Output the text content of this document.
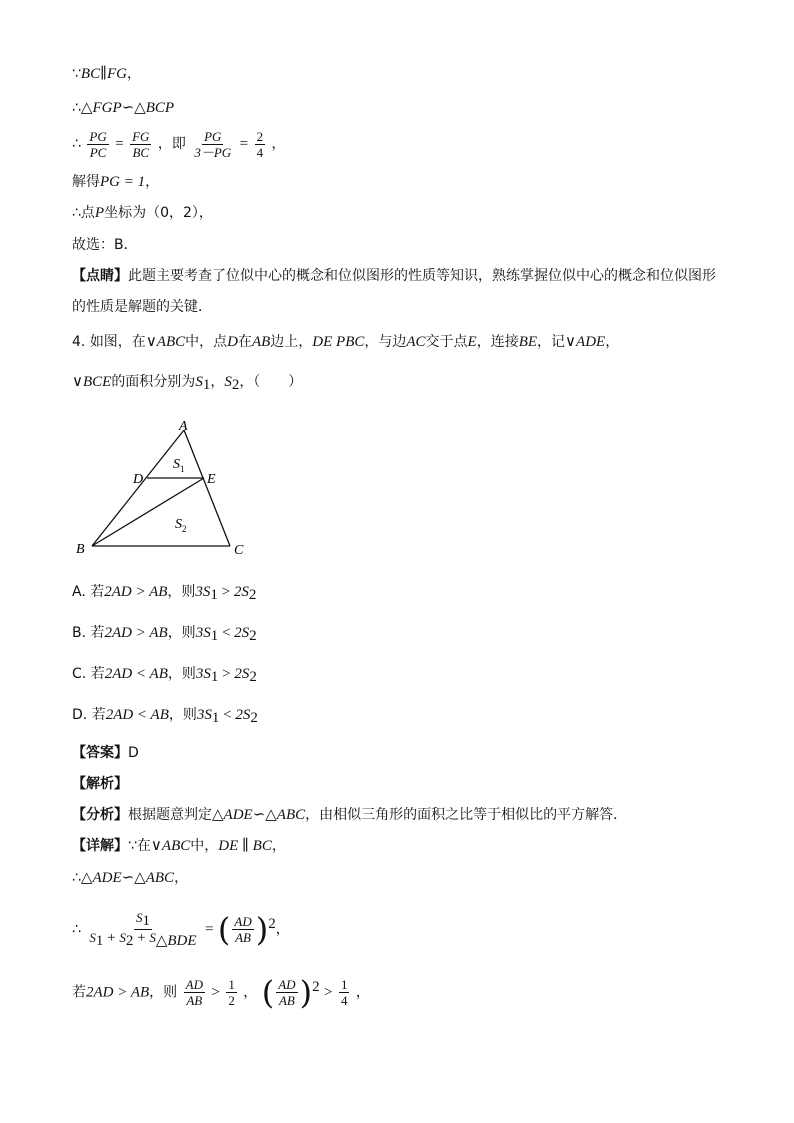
∵BC∥FG，
∴△FGP∽△BCP
∴ $\frac{PG}{PC} = \frac{FG}{BC}$ ，即 $\frac{PG}{3-PG} = \frac{2}{4}$ ，
解得PG = 1，
∴点P坐标为（0，2），
故选：B．
【点睛】此题主要考查了位似中心的概念和位似图形的性质等知识，熟练掌握位似中心的概念和位似图形
的性质是解题的关键．
4. 如图，在∨ABC中，点D在AB边上，DE PBC，与边AC交于点E，连接BE，记∨ADE，
∨BCE的面积分别为$S_1$，$S_2$，（　　）
A
D	E
B	C
$S_1$
$S_2$
A. 若2AD > AB，则$3S_1 > 2S_2$
B. 若2AD > AB，则$3S_1 < 2S_2$
C. 若2AD < AB，则$3S_1 > 2S_2$
D. 若2AD < AB，则$3S_1 < 2S_2$
【答案】D
【解析】
【分析】根据题意判定△ADE∽△ABC，由相似三角形的面积之比等于相似比的平方解答．
【详解】∵在∨ABC中，DE ∥ BC，
∴△ADE∽△ABC，
∴ $\frac{S_1}{S_1 + S_2 + S_{\triangle BDE}}$ = ( $\frac{AD}{AB} )^2$，
若2AD > AB，则 $\frac{AD}{AB} > \frac{1}{2}$ ， ( $\frac{AD}{AB} )^2 > \frac{1}{4}$ ，
